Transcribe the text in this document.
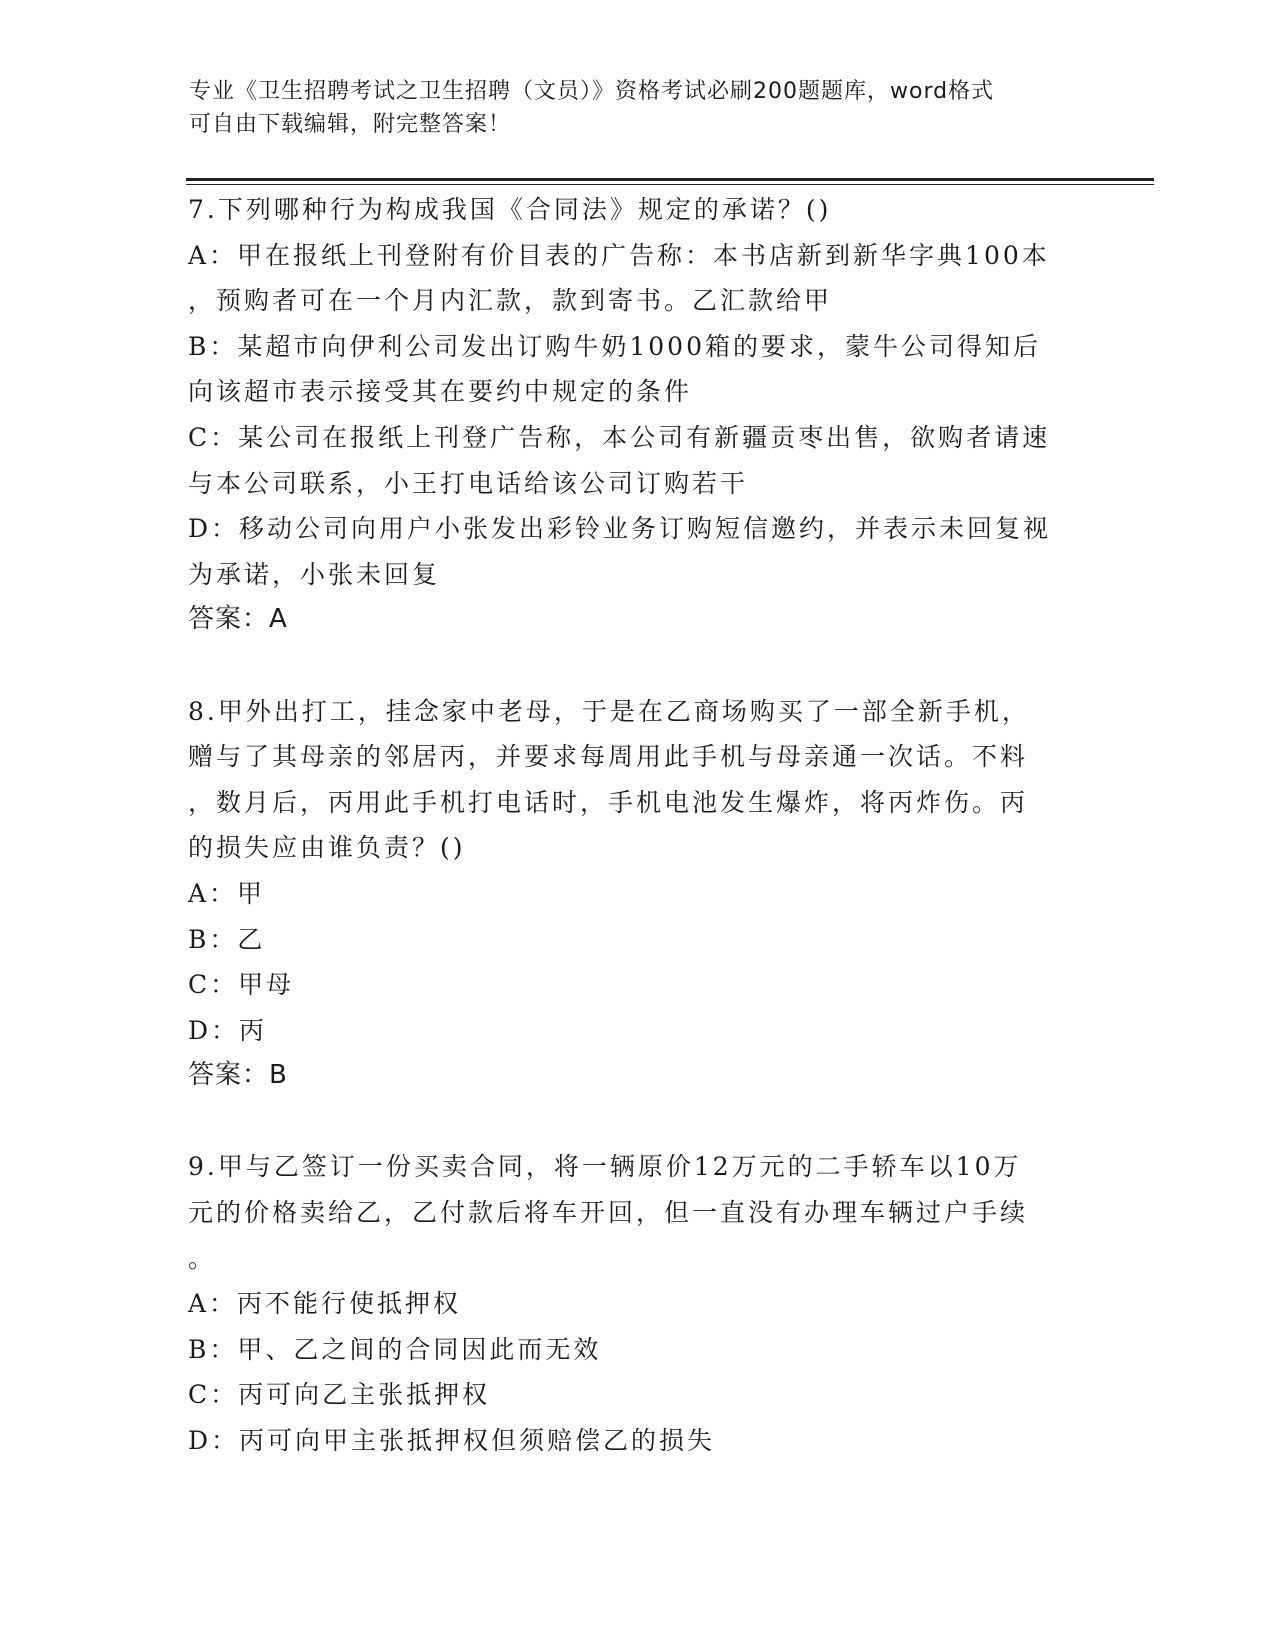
专业《卫生招聘考试之卫生招聘（文员）》资格考试必刷200题题库，word格式
可自由下载编辑，附完整答案！
7.下列哪种行为构成我国《合同法》规定的承诺？()
A：甲在报纸上刊登附有价目表的广告称：本书店新到新华字典100本
，预购者可在一个月内汇款，款到寄书。乙汇款给甲
B：某超市向伊利公司发出订购牛奶1000箱的要求，蒙牛公司得知后
向该超市表示接受其在要约中规定的条件
C：某公司在报纸上刊登广告称，本公司有新疆贡枣出售，欲购者请速
与本公司联系，小王打电话给该公司订购若干
D：移动公司向用户小张发出彩铃业务订购短信邀约，并表示未回复视
为承诺，小张未回复
答案：A
8.甲外出打工，挂念家中老母，于是在乙商场购买了一部全新手机，
赠与了其母亲的邻居丙，并要求每周用此手机与母亲通一次话。不料
，数月后，丙用此手机打电话时，手机电池发生爆炸，将丙炸伤。丙
的损失应由谁负责？()
A：甲
B：乙
C：甲母
D：丙
答案：B
9.甲与乙签订一份买卖合同，将一辆原价12万元的二手轿车以10万
元的价格卖给乙，乙付款后将车开回，但一直没有办理车辆过户手续
。
A：丙不能行使抵押权
B：甲、乙之间的合同因此而无效
C：丙可向乙主张抵押权
D：丙可向甲主张抵押权但须赔偿乙的损失
